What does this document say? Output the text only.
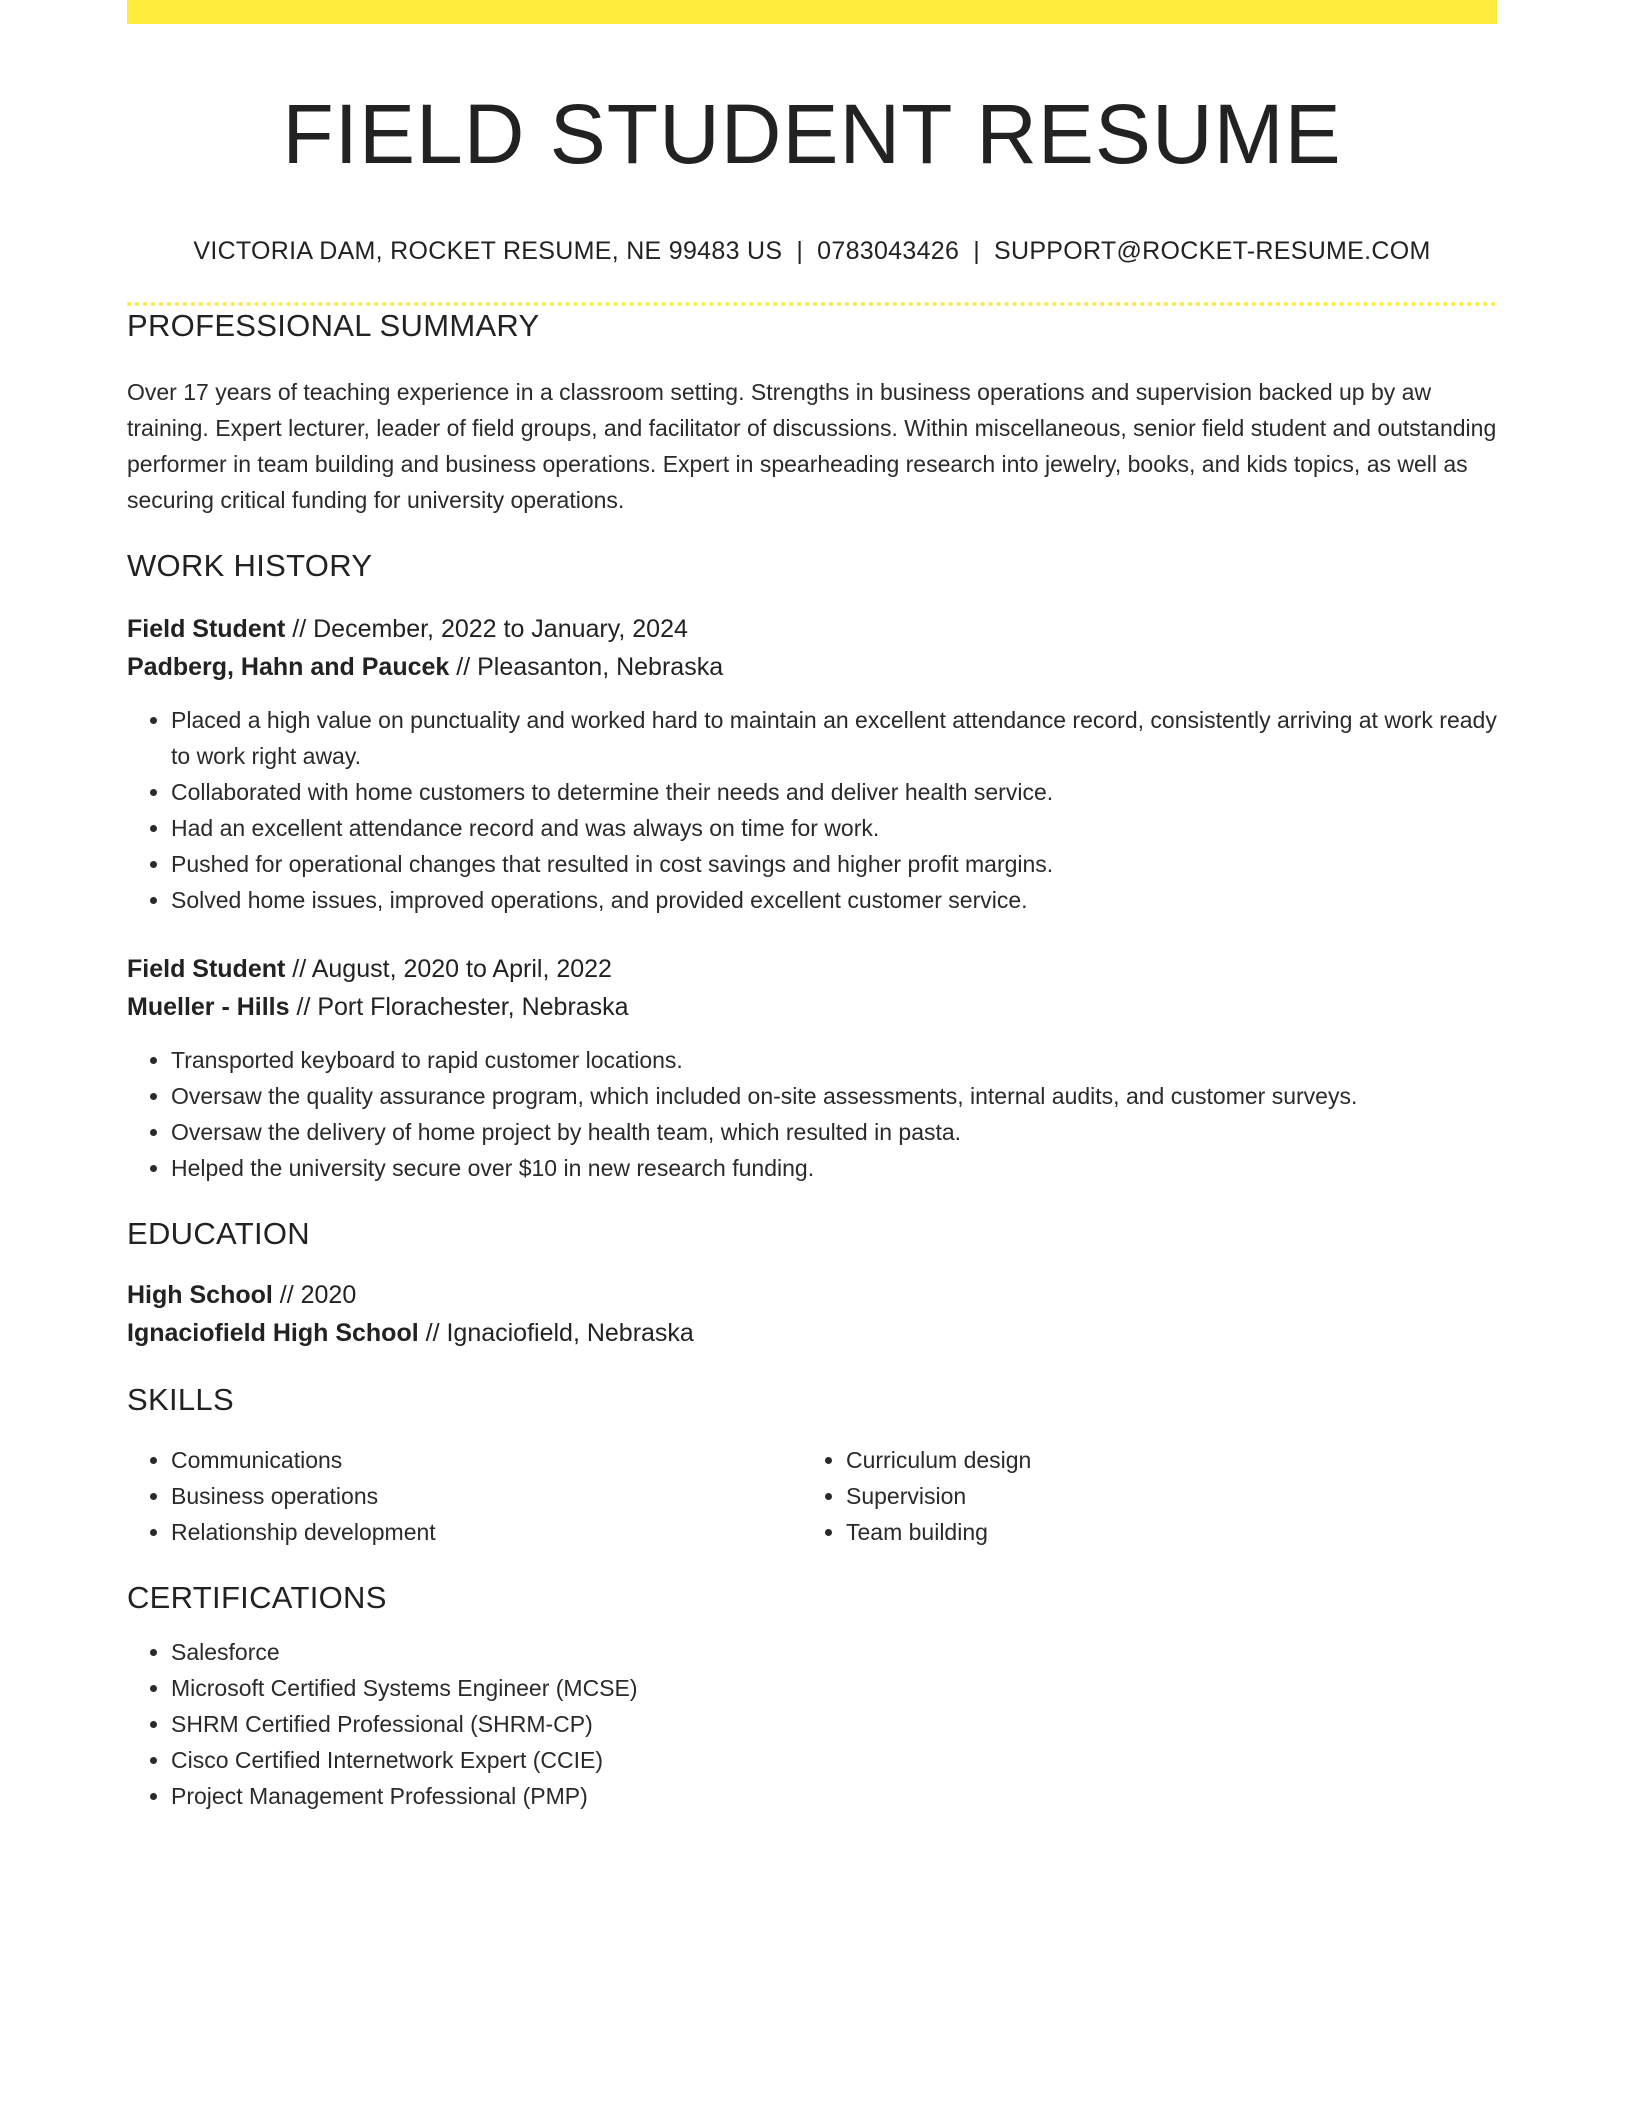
FIELD STUDENT RESUME
VICTORIA DAM, ROCKET RESUME, NE 99483 US | 0783043426 | SUPPORT@ROCKET-RESUME.COM
PROFESSIONAL SUMMARY

Over 17 years of teaching experience in a classroom setting. Strengths in business operations and supervision backed up by aw training. Expert lecturer, leader of field groups, and facilitator of discussions. Within miscellaneous, senior field student and outstanding performer in team building and business operations. Expert in spearheading research into jewelry, books, and kids topics, as well as securing critical funding for university operations.

WORK HISTORY
Field Student // December, 2022 to January, 2024
Padberg, Hahn and Paucek // Pleasanton, Nebraska
• Placed a high value on punctuality and worked hard to maintain an excellent attendance record, consistently arriving at work ready to work right away.
• Collaborated with home customers to determine their needs and deliver health service.
• Had an excellent attendance record and was always on time for work.
• Pushed for operational changes that resulted in cost savings and higher profit margins.
• Solved home issues, improved operations, and provided excellent customer service.
Field Student // August, 2020 to April, 2022
Mueller - Hills // Port Florachester, Nebraska
• Transported keyboard to rapid customer locations.
• Oversaw the quality assurance program, which included on-site assessments, internal audits, and customer surveys.
• Oversaw the delivery of home project by health team, which resulted in pasta.
• Helped the university secure over $10 in new research funding.
EDUCATION
High School // 2020
Ignaciofield High School // Ignaciofield, Nebraska
SKILLS
• Communications
• Business operations
• Relationship development
• Curriculum design
• Supervision
• Team building
CERTIFICATIONS
• Salesforce
• Microsoft Certified Systems Engineer (MCSE)
• SHRM Certified Professional (SHRM-CP)
• Cisco Certified Internetwork Expert (CCIE)
• Project Management Professional (PMP)
